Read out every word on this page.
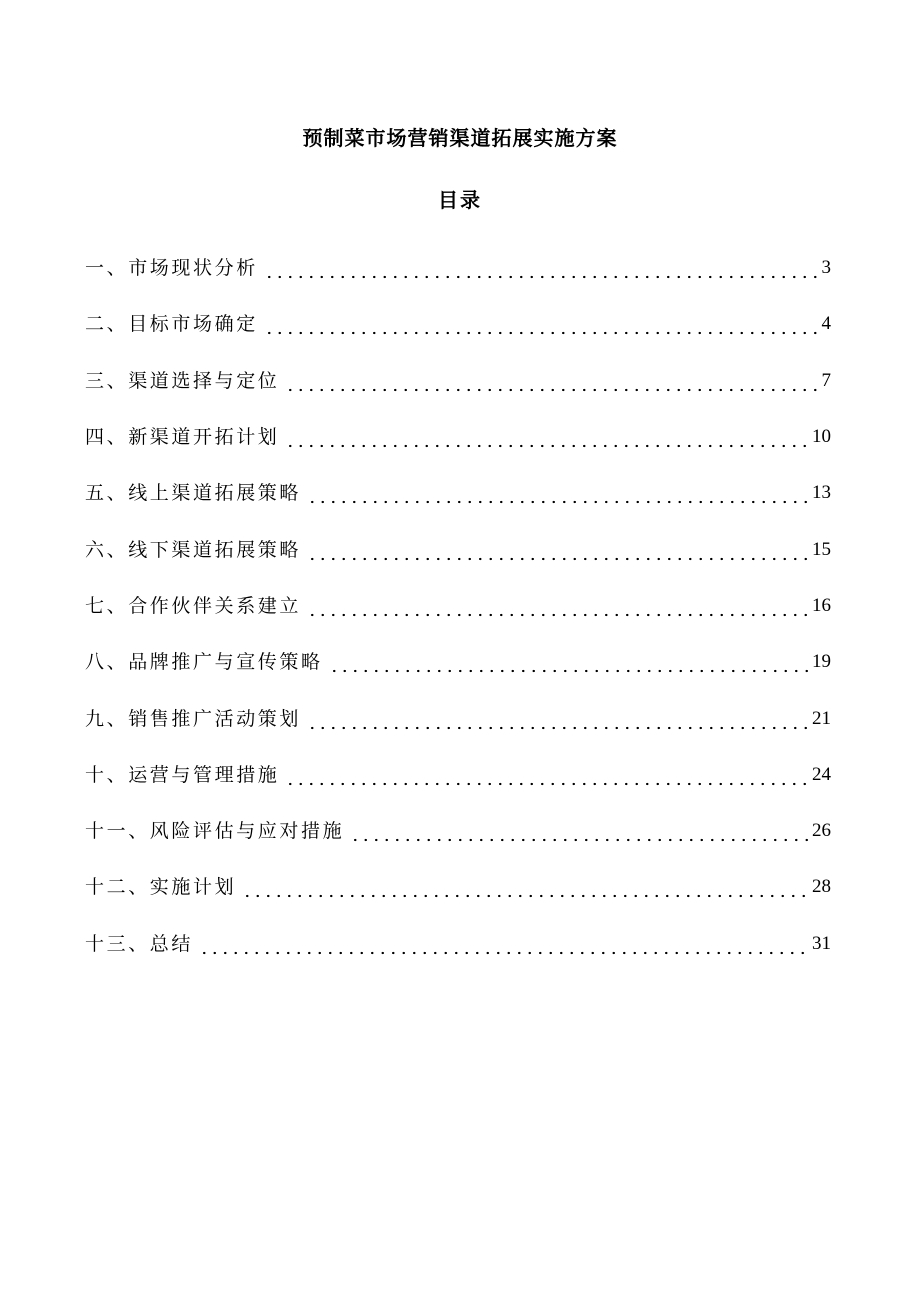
预制菜市场营销渠道拓展实施方案
目录
一、市场现状分析	3
二、目标市场确定	4
三、渠道选择与定位	7
四、新渠道开拓计划	10
五、线上渠道拓展策略	13
六、线下渠道拓展策略	15
七、合作伙伴关系建立	16
八、品牌推广与宣传策略	19
九、销售推广活动策划	21
十、运营与管理措施	24
十一、风险评估与应对措施	26
十二、实施计划	28
十三、总结	31
